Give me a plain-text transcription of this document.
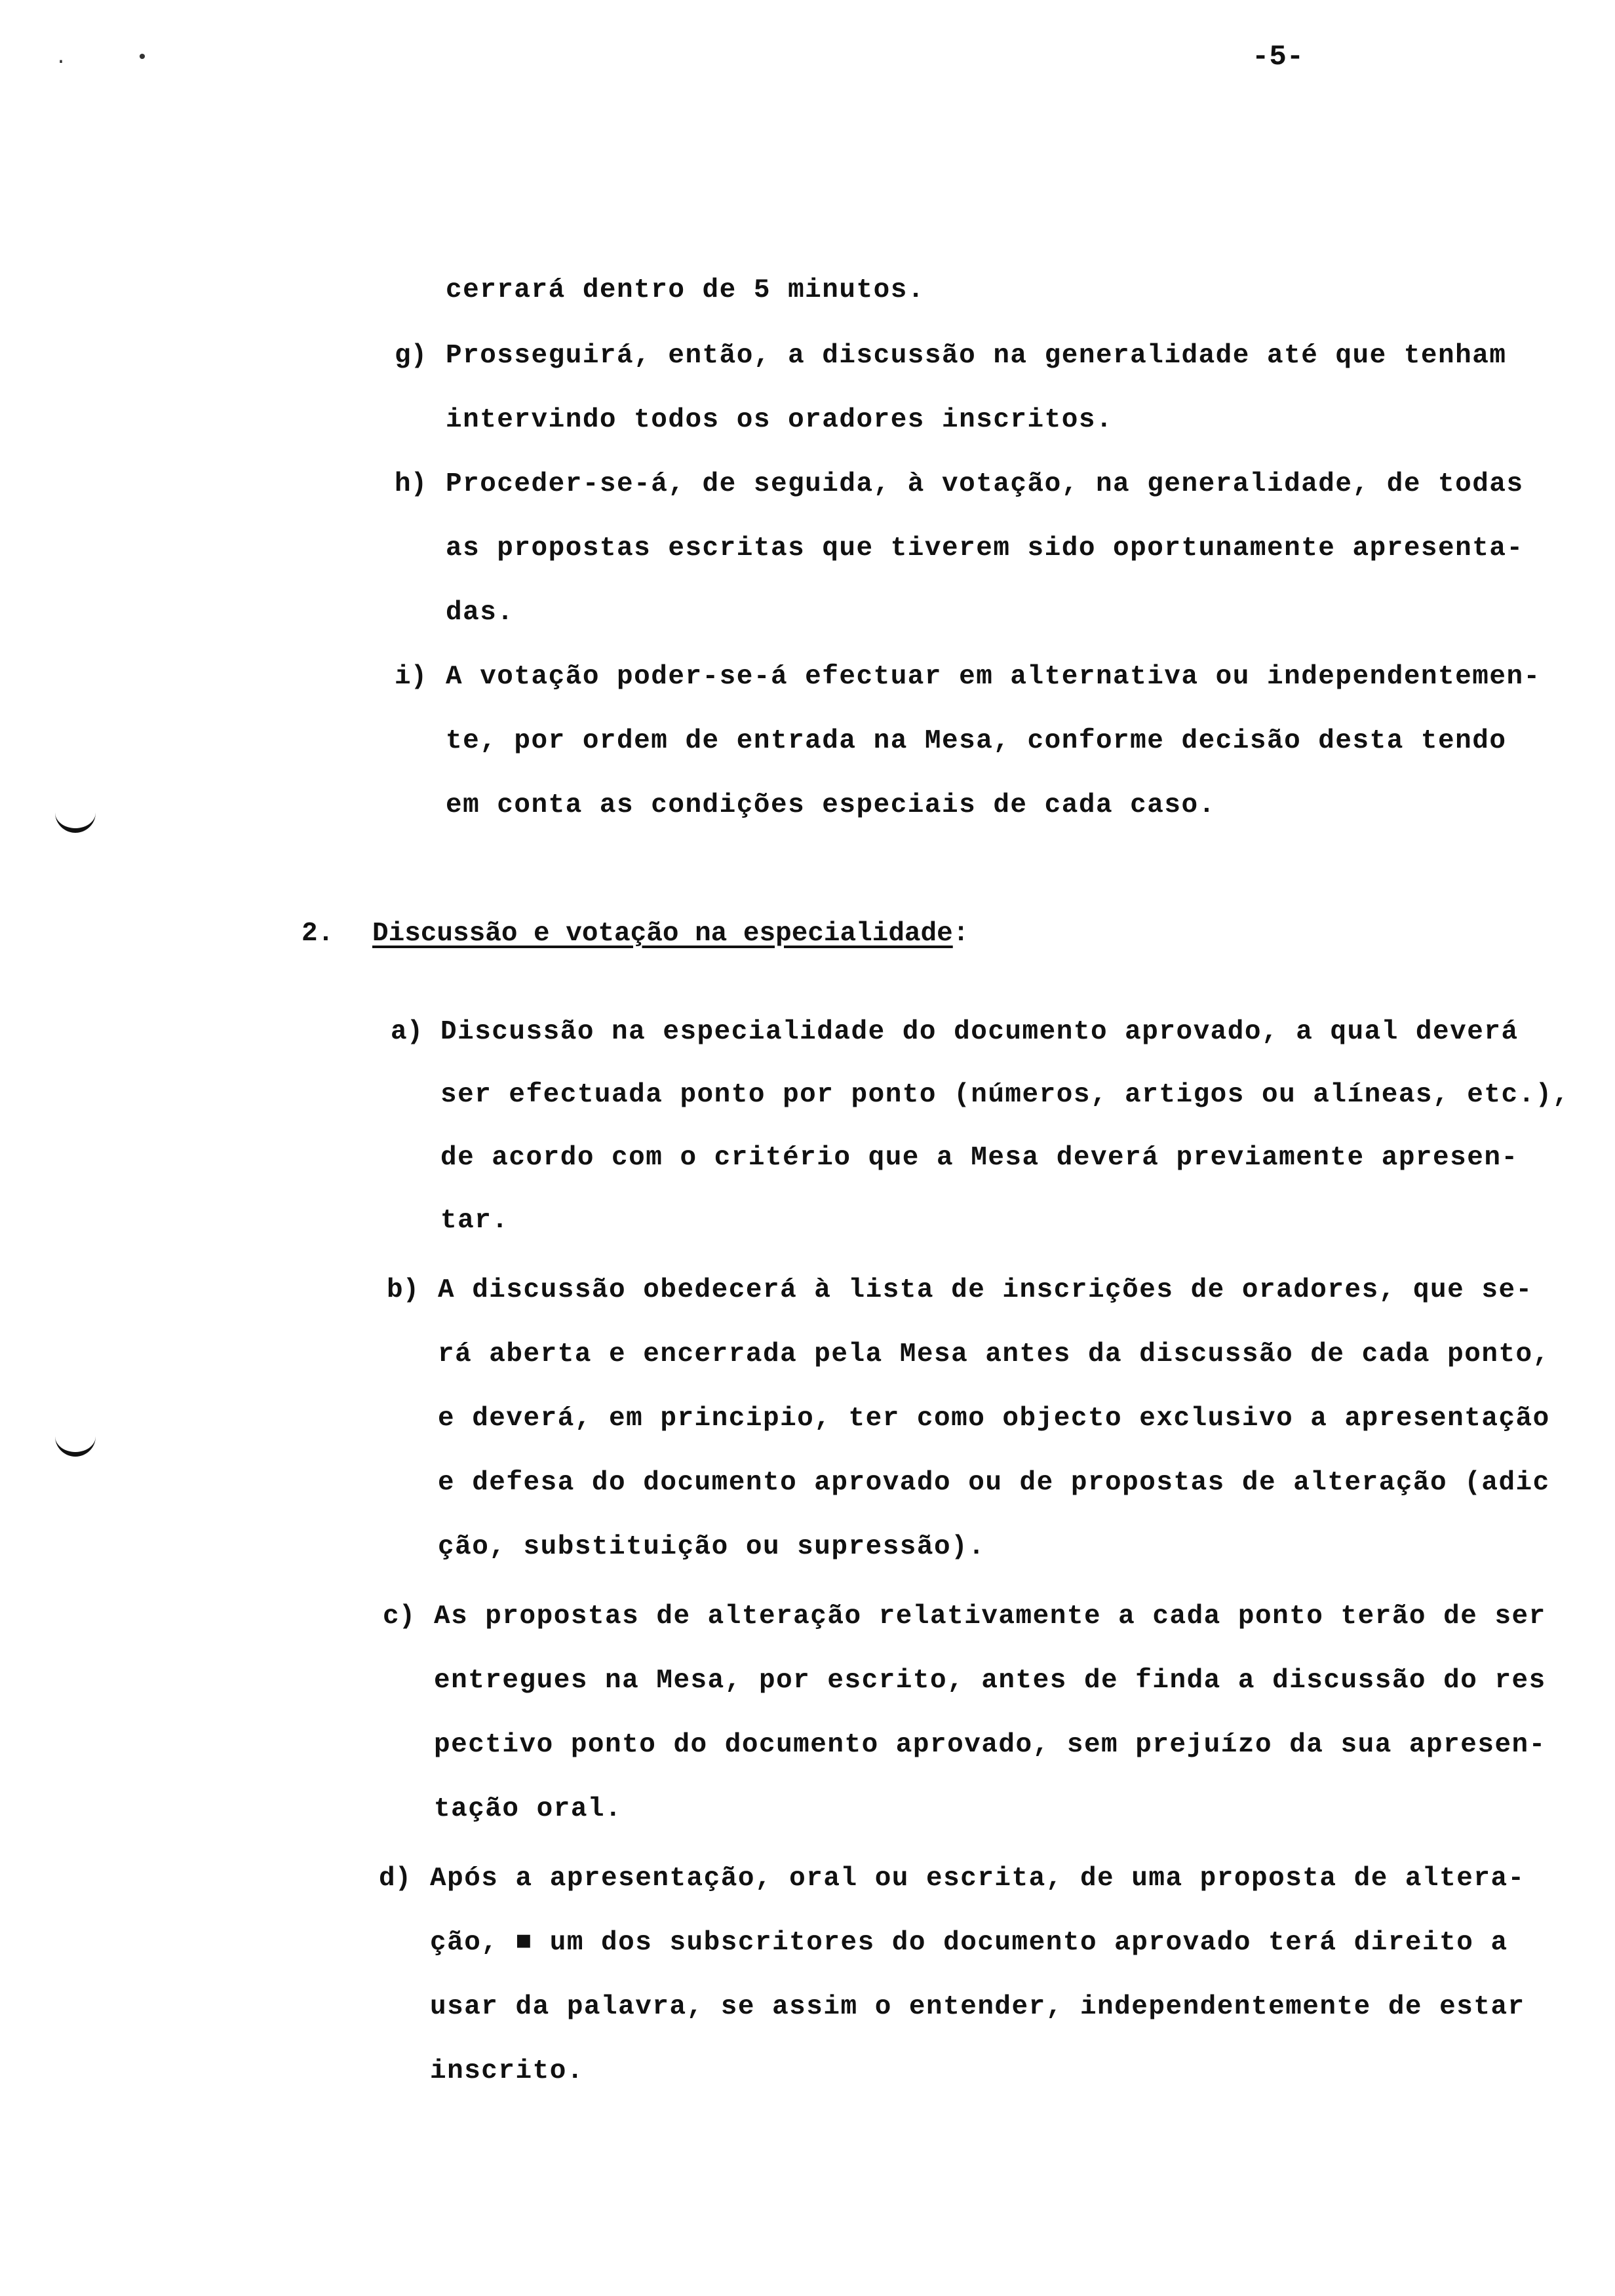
.	•	-5-
cerrará dentro de 5 minutos.
g) Prosseguirá, então, a discussão na generalidade até que tenham
intervindo todos os oradores inscritos.
h) Proceder-se-á, de seguida, à votação, na generalidade, de todas
as propostas escritas que tiverem sido oportunamente apresenta-
das.
i) A votação poder-se-á efectuar em alternativa ou independentemen-
te, por ordem de entrada na Mesa, conforme decisão desta tendo
em conta as condições especiais de cada caso.
2. Discussão e votação na especialidade:
a) Discussão na especialidade do documento aprovado, a qual deverá
ser efectuada ponto por ponto (números, artigos ou alíneas, etc.),
de acordo com o critério que a Mesa deverá previamente apresen-
tar.
b) A discussão obedecerá à lista de inscrições de oradores, que se-
rá aberta e encerrada pela Mesa antes da discussão de cada ponto,
e deverá, em principio, ter como objecto exclusivo a apresentação
e defesa do documento aprovado ou de propostas de alteração (adic
ção, substituição ou supressão).
c) As propostas de alteração relativamente a cada ponto terão de ser
entregues na Mesa, por escrito, antes de finda a discussão do res
pectivo ponto do documento aprovado, sem prejuízo da sua apresen-
tação oral.
d) Após a apresentação, oral ou escrita, de uma proposta de altera-
ção, ■ um dos subscritores do documento aprovado terá direito a
usar da palavra, se assim o entender, independentemente de estar
inscrito.
